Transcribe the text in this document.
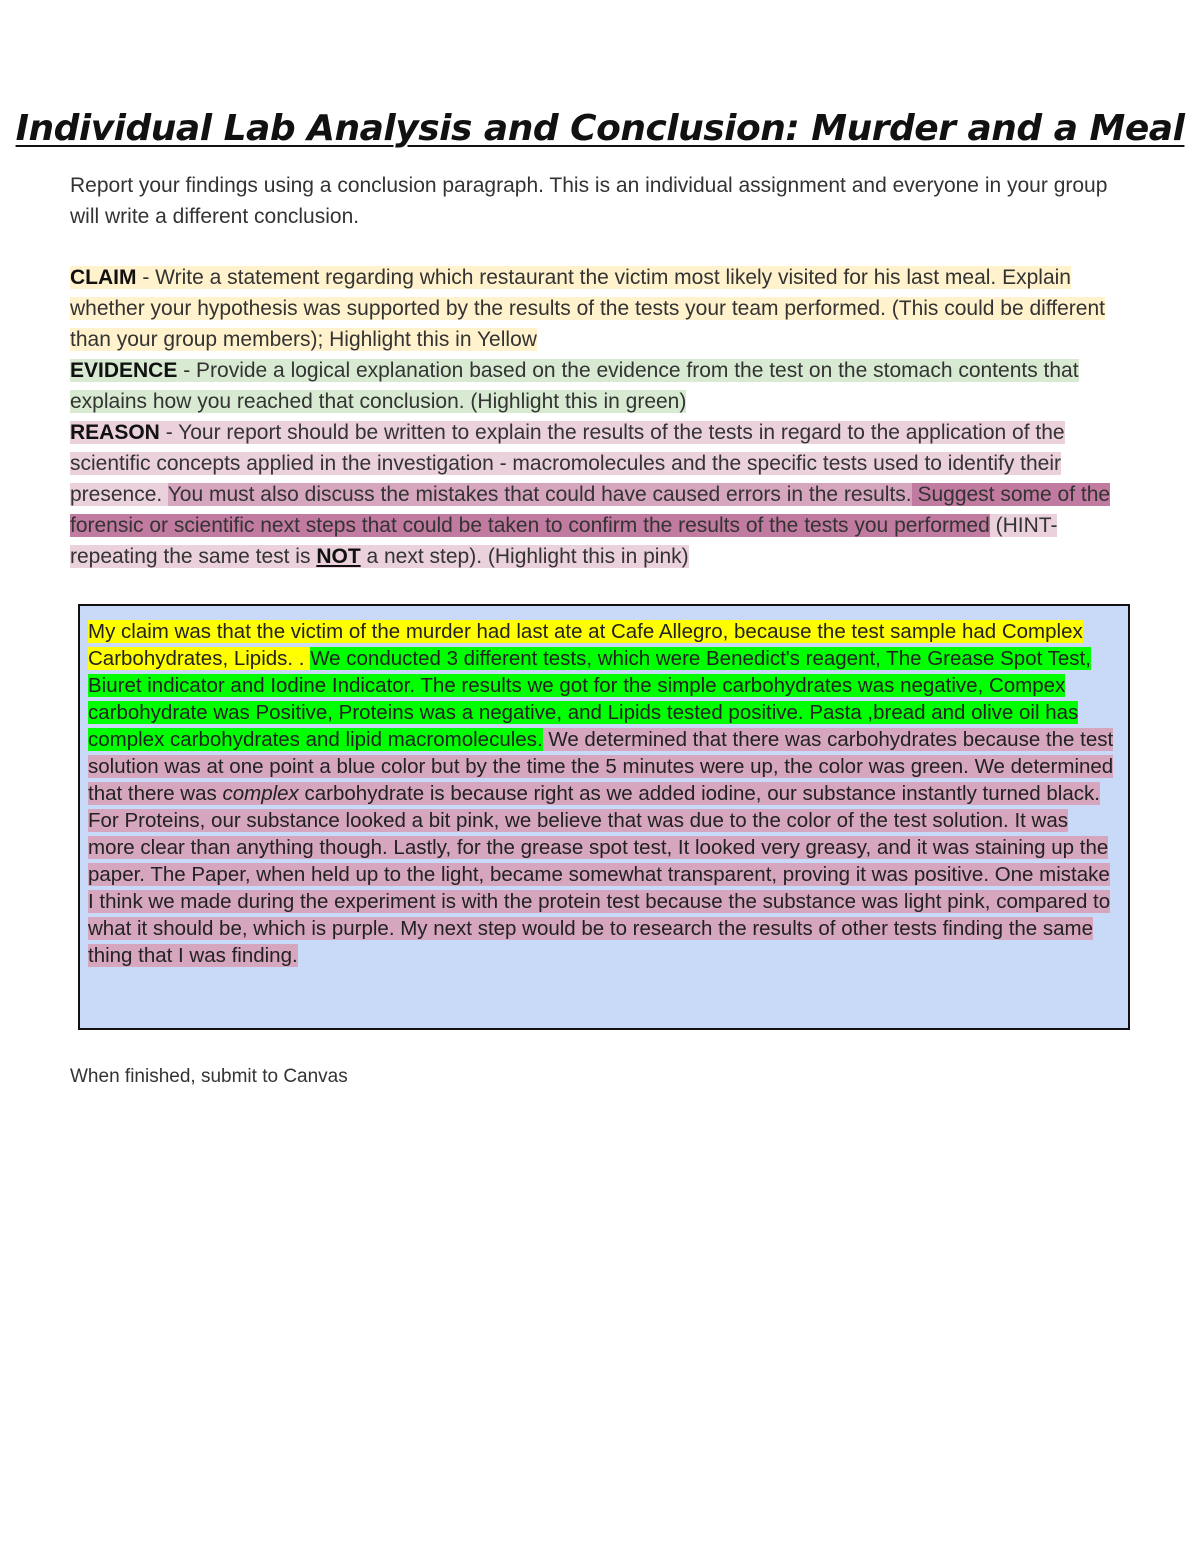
Individual Lab Analysis and Conclusion: Murder and a Meal
Report your findings using a conclusion paragraph. This is an individual assignment and everyone in your group will write a different conclusion.
CLAIM - Write a statement regarding which restaurant the victim most likely visited for his last meal. Explain whether your hypothesis was supported by the results of the tests your team performed. (This could be different than your group members); Highlight this in Yellow
EVIDENCE - Provide a logical explanation based on the evidence from the test on the stomach contents that explains how you reached that conclusion. (Highlight this in green)
REASON - Your report should be written to explain the results of the tests in regard to the application of the scientific concepts applied in the investigation - macromolecules and the specific tests used to identify their presence. You must also discuss the mistakes that could have caused errors in the results. Suggest some of the forensic or scientific next steps that could be taken to confirm the results of the tests you performed (HINT- repeating the same test is NOT a next step). (Highlight this in pink)
My claim was that the victim of the murder had last ate at Cafe Allegro, because the test sample had Complex Carbohydrates, Lipids. . We conducted 3 different tests, which were Benedict's reagent, The Grease Spot Test, Biuret indicator and Iodine Indicator. The results we got for the simple carbohydrates was negative, Compex carbohydrate was Positive, Proteins was a negative, and Lipids tested positive. Pasta ,bread and olive oil has complex carbohydrates and lipid macromolecules. We determined that there was carbohydrates because the test solution was at one point a blue color but by the time the 5 minutes were up, the color was green. We determined that there was complex carbohydrate is because right as we added iodine, our substance instantly turned black. For Proteins, our substance looked a bit pink, we believe that was due to the color of the test solution. It was more clear than anything though. Lastly, for the grease spot test, It looked very greasy, and it was staining up the paper. The Paper, when held up to the light, became somewhat transparent, proving it was positive. One mistake I think we made during the experiment is with the protein test because the substance was light pink, compared to what it should be, which is purple. My next step would be to research the results of other tests finding the same thing that I was finding.
When finished, submit to Canvas
